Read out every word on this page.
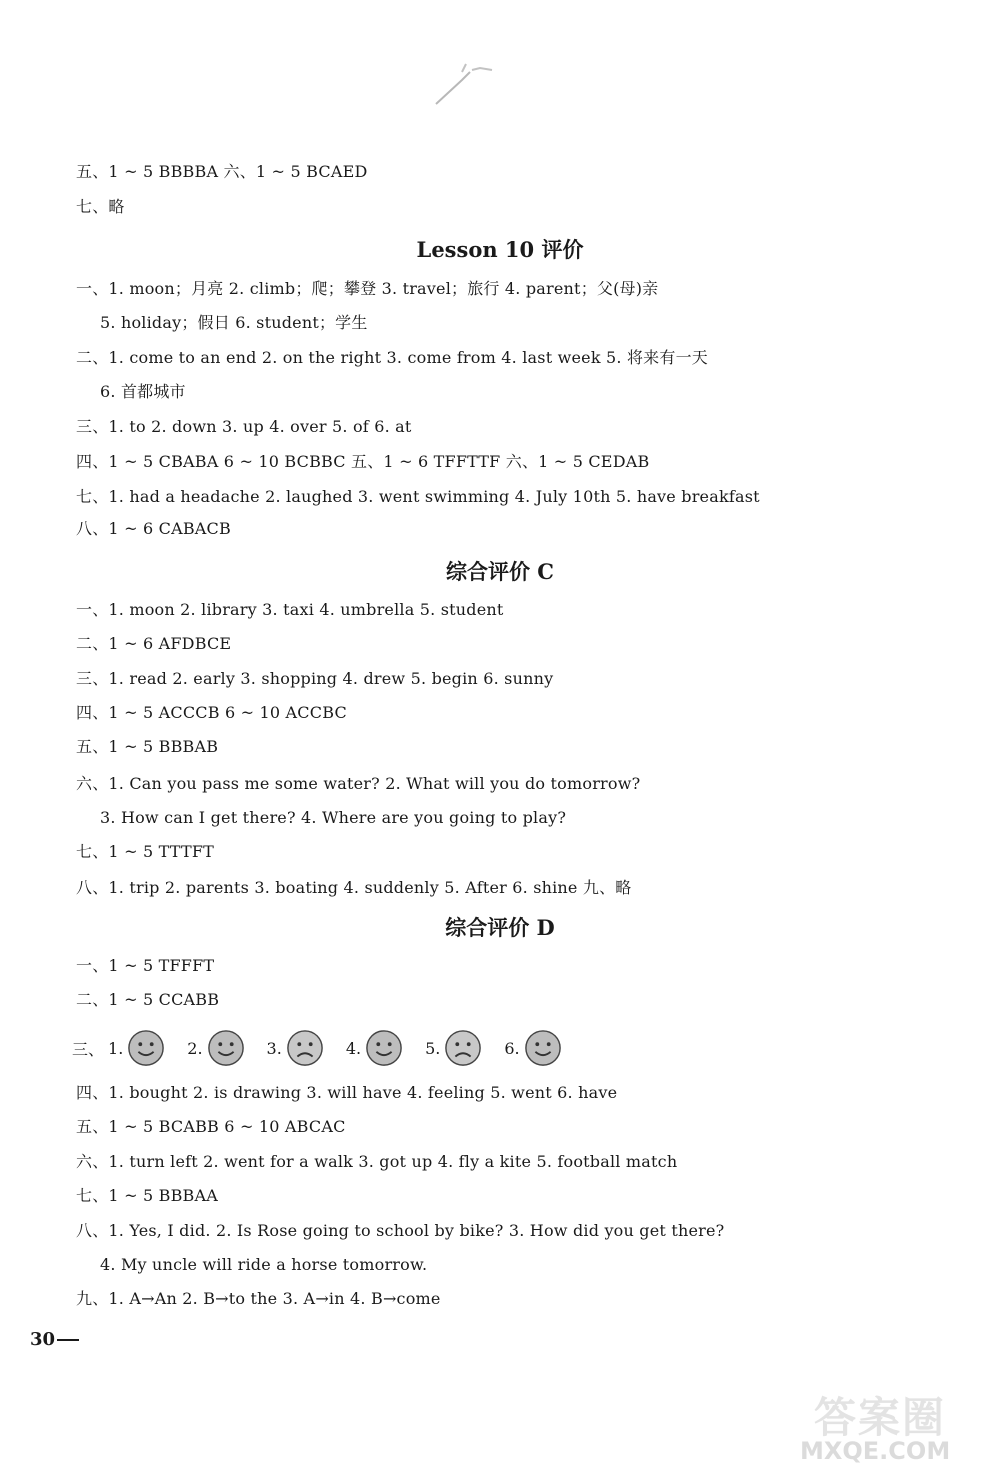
五、1 ~ 5 BBBBA 六、1 ~ 5 BCAED
七、略
Lesson 10 评价
一、1. moon；月亮 2. climb；爬；攀登 3. travel；旅行 4. parent；父(母)亲
5. holiday；假日 6. student；学生
二、1. come to an end 2. on the right 3. come from 4. last week 5. 将来有一天
6. 首都城市
三、1. to 2. down 3. up 4. over 5. of 6. at
四、1 ~ 5 CBABA 6 ~ 10 BCBBC 五、1 ~ 6 TFFTTF 六、1 ~ 5 CEDAB
七、1. had a headache 2. laughed 3. went swimming 4. July 10th 5. have breakfast
八、1 ~ 6 CABACB
综合评价 C
一、1. moon 2. library 3. taxi 4. umbrella 5. student
二、1 ~ 6 AFDBCE
三、1. read 2. early 3. shopping 4. drew 5. begin 6. sunny
四、1 ~ 5 ACCCB 6 ~ 10 ACCBC
五、1 ~ 5 BBBAB
六、1. Can you pass me some water? 2. What will you do tomorrow?
3. How can I get there? 4. Where are you going to play?
七、1 ~ 5 TTTFT
八、1. trip 2. parents 3. boating 4. suddenly 5. After 6. shine 九、略
综合评价 D
一、1 ~ 5 TFFFT
二、1 ~ 5 CCABB
三、 1.	2.	3.	4.	5.	6.
四、1. bought 2. is drawing 3. will have 4. feeling 5. went 6. have
五、1 ~ 5 BCABB 6 ~ 10 ABCAC
六、1. turn left 2. went for a walk 3. got up 4. fly a kite 5. football match
七、1 ~ 5 BBBAA
八、1. Yes, I did. 2. Is Rose going to school by bike? 3. How did you get there?
4. My uncle will ride a horse tomorrow.
九、1. A→An 2. B→to the 3. A→in 4. B→come
30
答案圈
MXQE.COM
